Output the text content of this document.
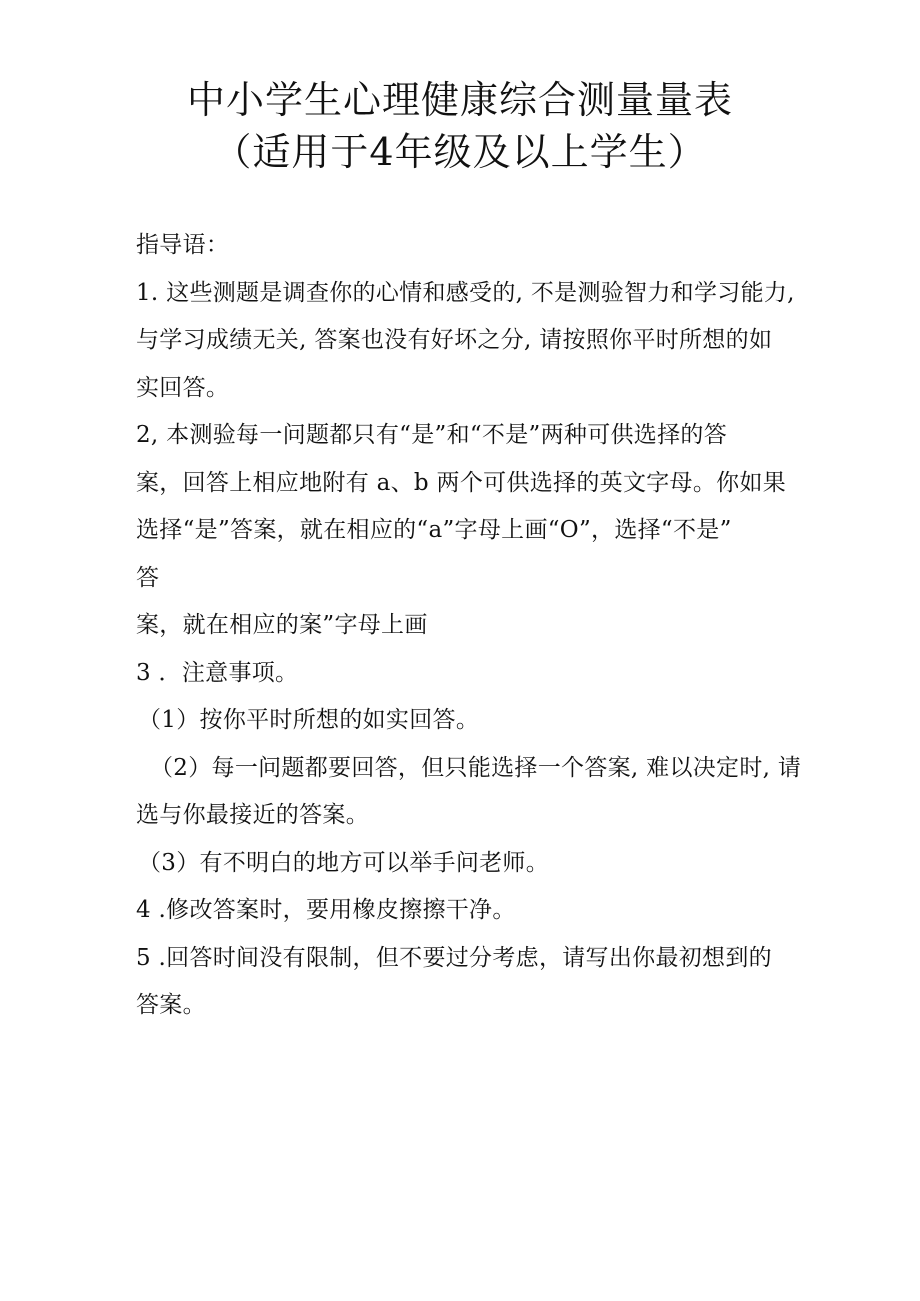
中小学生心理健康综合测量量表
（适用于4年级及以上学生）
指导语：
1. 这些测题是调查你的心情和感受的, 不是测验智力和学习能力,
与学习成绩无关, 答案也没有好坏之分, 请按照你平时所想的如
实回答。
2, 本测验每一问题都只有“是”和“不是”两种可供选择的答
案，回答上相应地附有 a、b 两个可供选择的英文字母。你如果
选择“是”答案，就在相应的“a”字母上画“O”，选择“不是”
答
案，就在相应的案”字母上画
3 ．注意事项。
（1）按你平时所想的如实回答。
（2）每一问题都要回答，但只能选择一个答案, 难以决定时, 请
选与你最接近的答案。
（3）有不明白的地方可以举手问老师。
4 .修改答案时，要用橡皮擦擦干净。
5 .回答时间没有限制，但不要过分考虑，请写出你最初想到的
答案。
